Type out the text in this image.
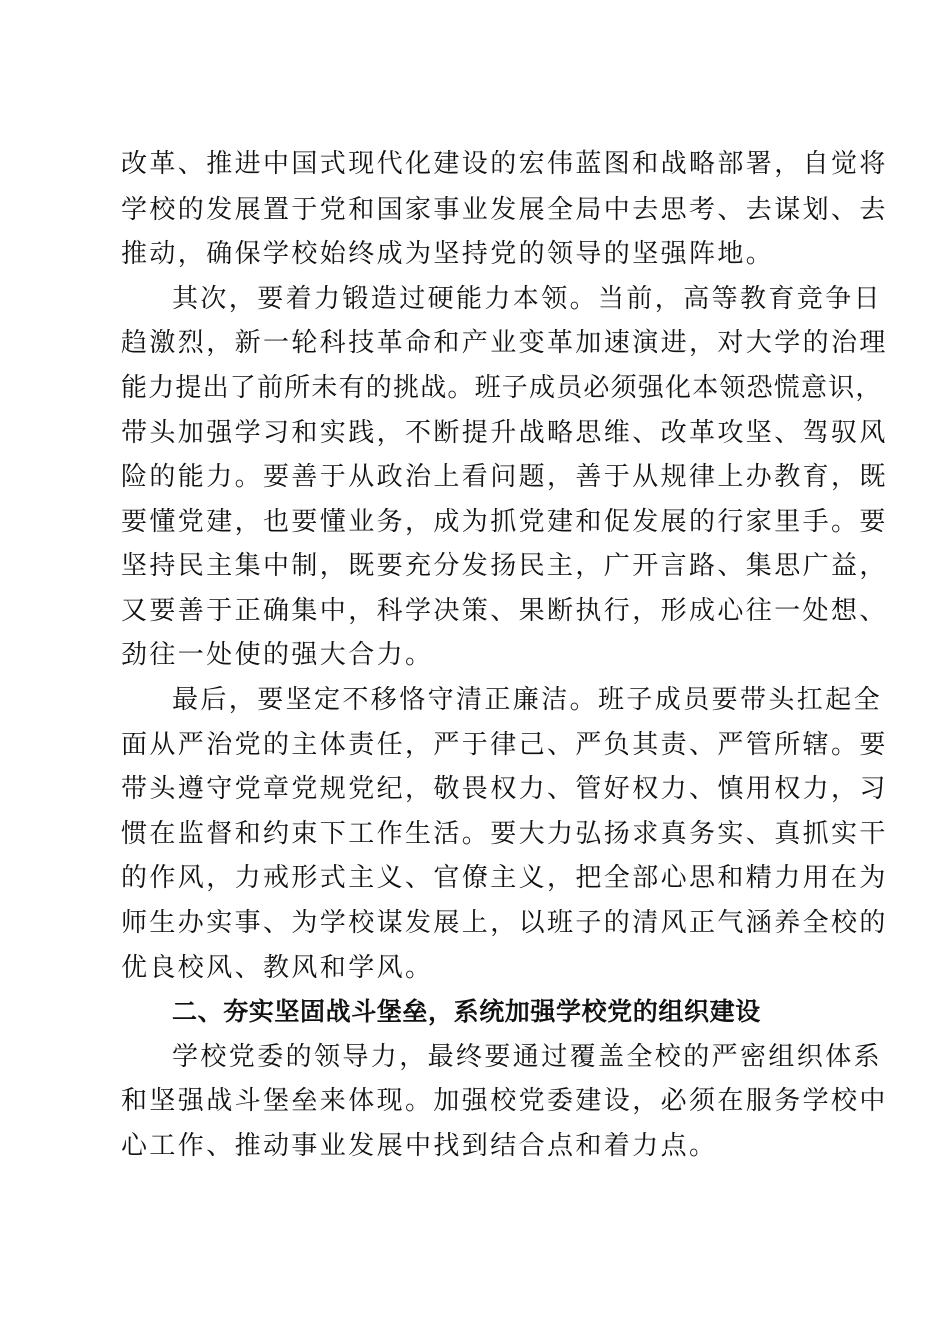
改革、推进中国式现代化建设的宏伟蓝图和战略部署，自觉将
学校的发展置于党和国家事业发展全局中去思考、去谋划、去
推动，确保学校始终成为坚持党的领导的坚强阵地。
其次，要着力锻造过硬能力本领。当前，高等教育竞争日
趋激烈，新一轮科技革命和产业变革加速演进，对大学的治理
能力提出了前所未有的挑战。班子成员必须强化本领恐慌意识，
带头加强学习和实践，不断提升战略思维、改革攻坚、驾驭风
险的能力。要善于从政治上看问题，善于从规律上办教育，既
要懂党建，也要懂业务，成为抓党建和促发展的行家里手。要
坚持民主集中制，既要充分发扬民主，广开言路、集思广益，
又要善于正确集中，科学决策、果断执行，形成心往一处想、
劲往一处使的强大合力。
最后，要坚定不移恪守清正廉洁。班子成员要带头扛起全
面从严治党的主体责任，严于律己、严负其责、严管所辖。要
带头遵守党章党规党纪，敬畏权力、管好权力、慎用权力，习
惯在监督和约束下工作生活。要大力弘扬求真务实、真抓实干
的作风，力戒形式主义、官僚主义，把全部心思和精力用在为
师生办实事、为学校谋发展上，以班子的清风正气涵养全校的
优良校风、教风和学风。
二、夯实坚固战斗堡垒，系统加强学校党的组织建设
学校党委的领导力，最终要通过覆盖全校的严密组织体系
和坚强战斗堡垒来体现。加强校党委建设，必须在服务学校中
心工作、推动事业发展中找到结合点和着力点。
